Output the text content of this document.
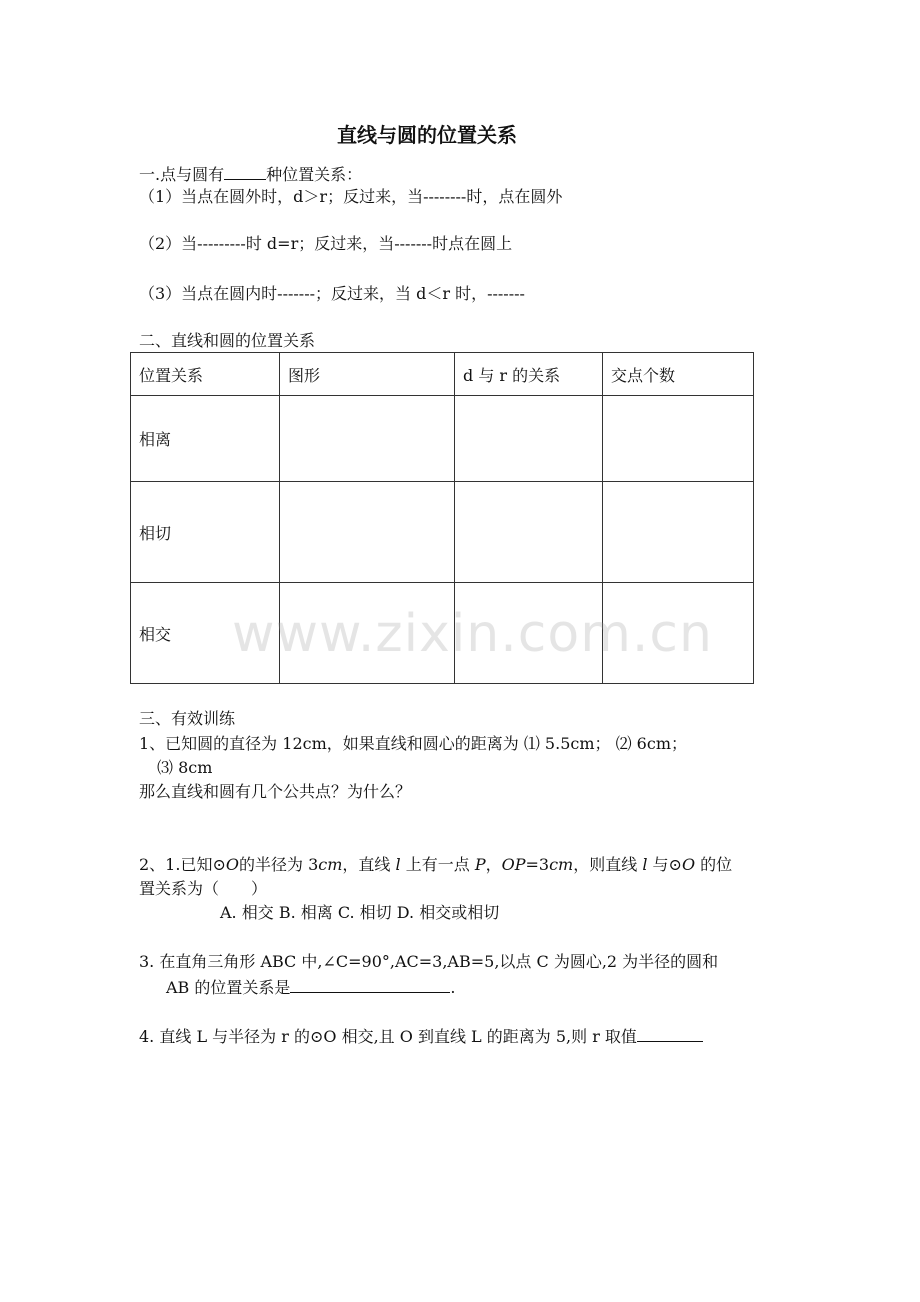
直线与圆的位置关系
一.点与圆有	种位置关系：
（1）当点在圆外时，d＞r；反过来，当--------时，点在圆外
（2）当---------时 d=r；反过来，当-------时点在圆上
（3）当点在圆内时-------；反过来，当 d＜r 时，-------
二、直线和圆的位置关系
位置关系	图形	d 与 r 的关系	交点个数
相离			
相切			
相交			www.zixin.com.cn
三、有效训练
1、已知圆的直径为 12cm，如果直线和圆心的距离为 ⑴ 5.5cm； ⑵ 6cm；
⑶ 8cm
那么直线和圆有几个公共点？为什么？
2、1.已知⊙O的半径为 3cm，直线 l 上有一点 P，OP=3cm，则直线 l 与⊙O 的位
置关系为（　　）
A. 相交 B. 相离 C. 相切 D. 相交或相切
3. 在直角三角形 ABC 中,∠C=90°,AC=3,AB=5,以点 C 为圆心,2 为半径的圆和
AB 的位置关系是	.
4. 直线 L 与半径为 r 的⊙O 相交,且 O 到直线 L 的距离为 5,则 r 取值
